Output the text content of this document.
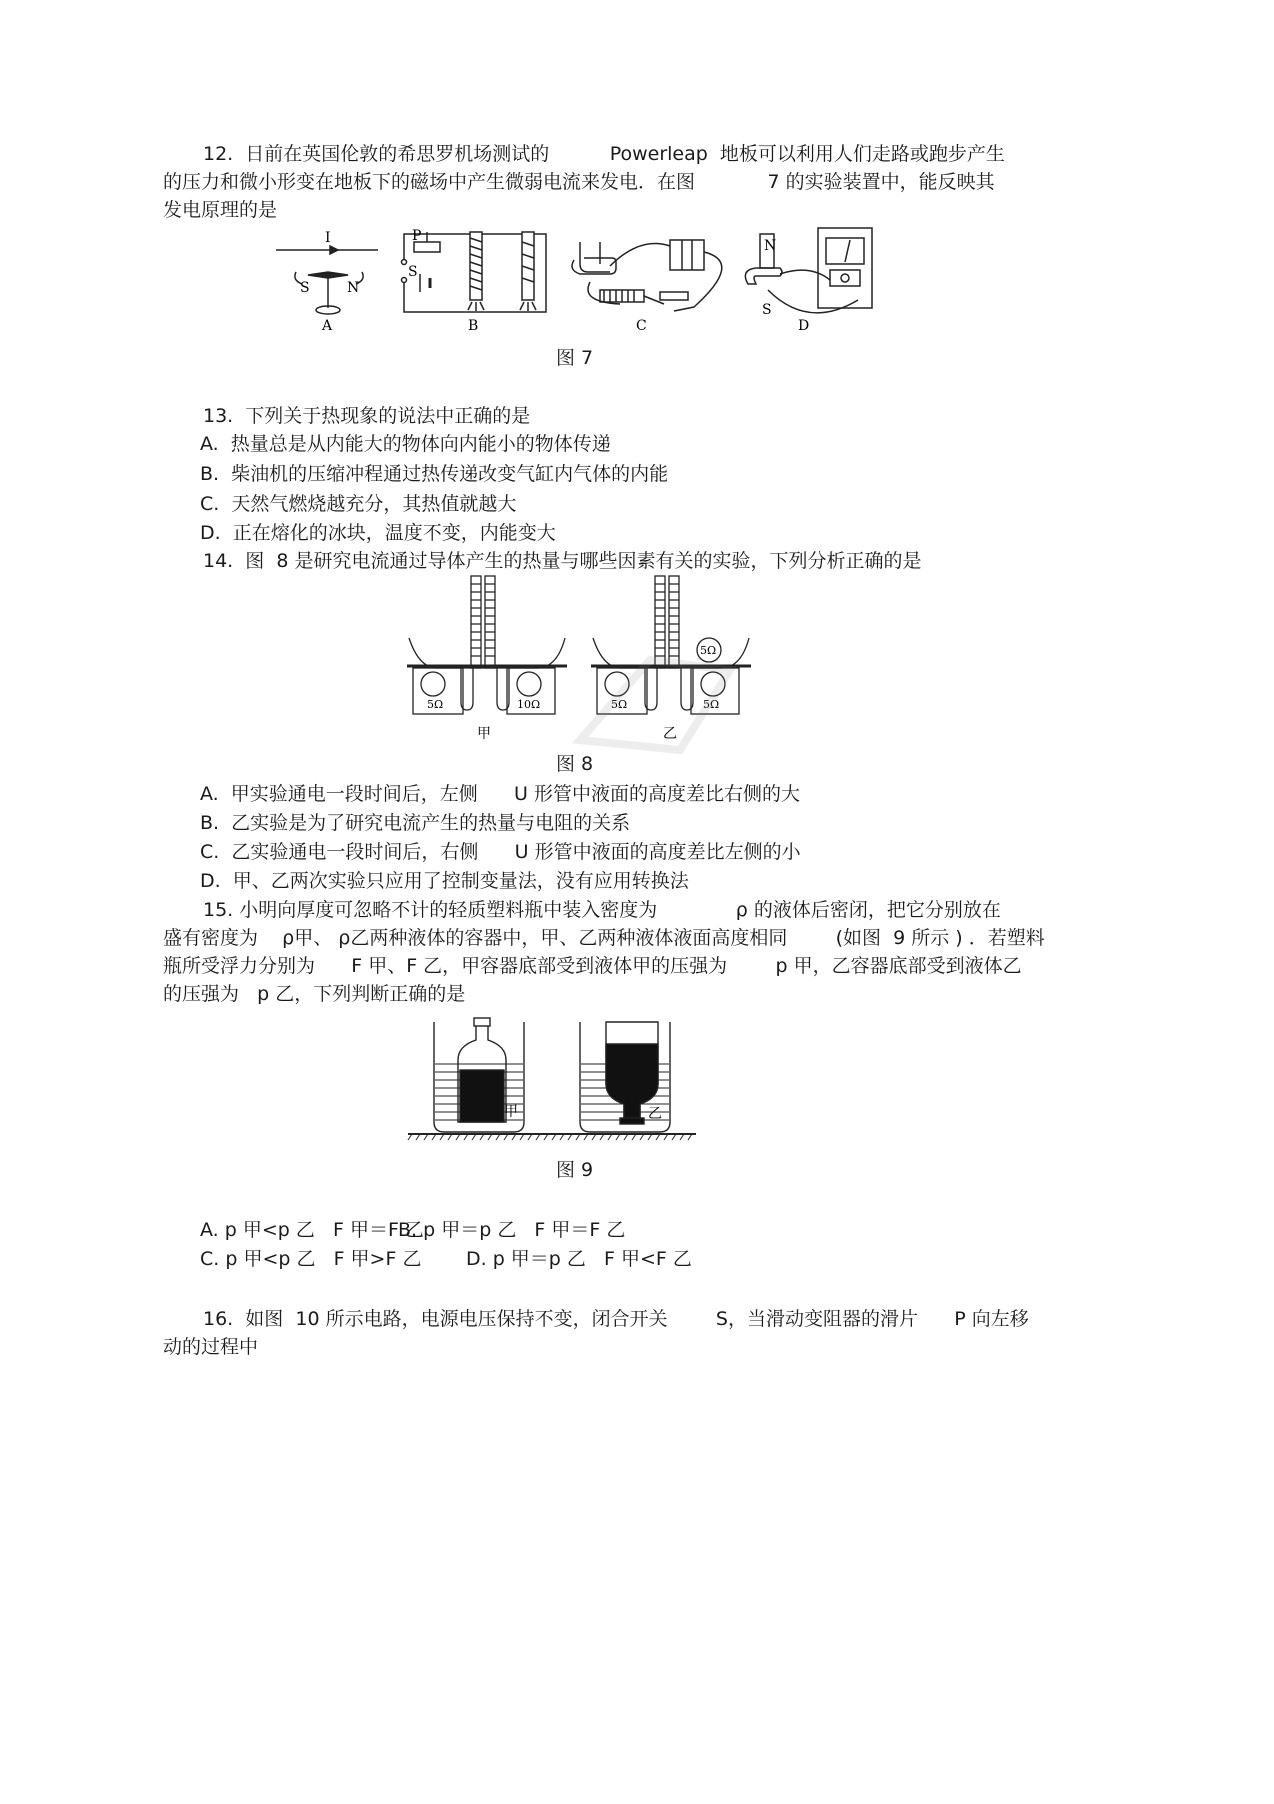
12.  日前在英国伦敦的希思罗机场测试的          Powerleap  地板可以利用人们走路或跑步产生
的压力和微小形变在地板下的磁场中产生微弱电流来发电．在图            7 的实验装置中，能反映其
发电原理的是
I
S	N
A
P
S
B	C
N
S
D
图 7
13.  下列关于热现象的说法中正确的是
A.  热量总是从内能大的物体向内能小的物体传递
B.  柴油机的压缩冲程通过热传递改变气缸内气体的内能
C.  天然气燃烧越充分，其热值就越大
D.  正在熔化的冰块，温度不变，内能变大
14.  图  8 是研究电流通过导体产生的热量与哪些因素有关的实验，下列分析正确的是
5Ω	10Ω	5Ω	5Ω
5Ω
甲	乙
图 8
A.  甲实验通电一段时间后，左侧      U 形管中液面的高度差比右侧的大
B.  乙实验是为了研究电流产生的热量与电阻的关系
C.  乙实验通电一段时间后，右侧      U 形管中液面的高度差比左侧的小
D.  甲、乙两次实验只应用了控制变量法，没有应用转换法
15. 小明向厚度可忽略不计的轻质塑料瓶中装入密度为             ρ 的液体后密闭，把它分别放在
盛有密度为    ρ甲、 ρ乙两种液体的容器中，甲、乙两种液体液面高度相同        (如图  9 所示 ) ．若塑料
瓶所受浮力分别为      F 甲、F 乙，甲容器底部受到液体甲的压强为        p 甲，乙容器底部受到液体乙
的压强为   p 乙，下列判断正确的是
甲	乙
图 9
A. p 甲<p 乙   F 甲＝F 乙
B. p 甲＝p 乙   F 甲＝F 乙
C. p 甲<p 乙   F 甲>F 乙 D. p 甲＝p 乙   F 甲<F 乙
16.  如图  10 所示电路，电源电压保持不变，闭合开关        S，当滑动变阻器的滑片      P 向左移
动的过程中
